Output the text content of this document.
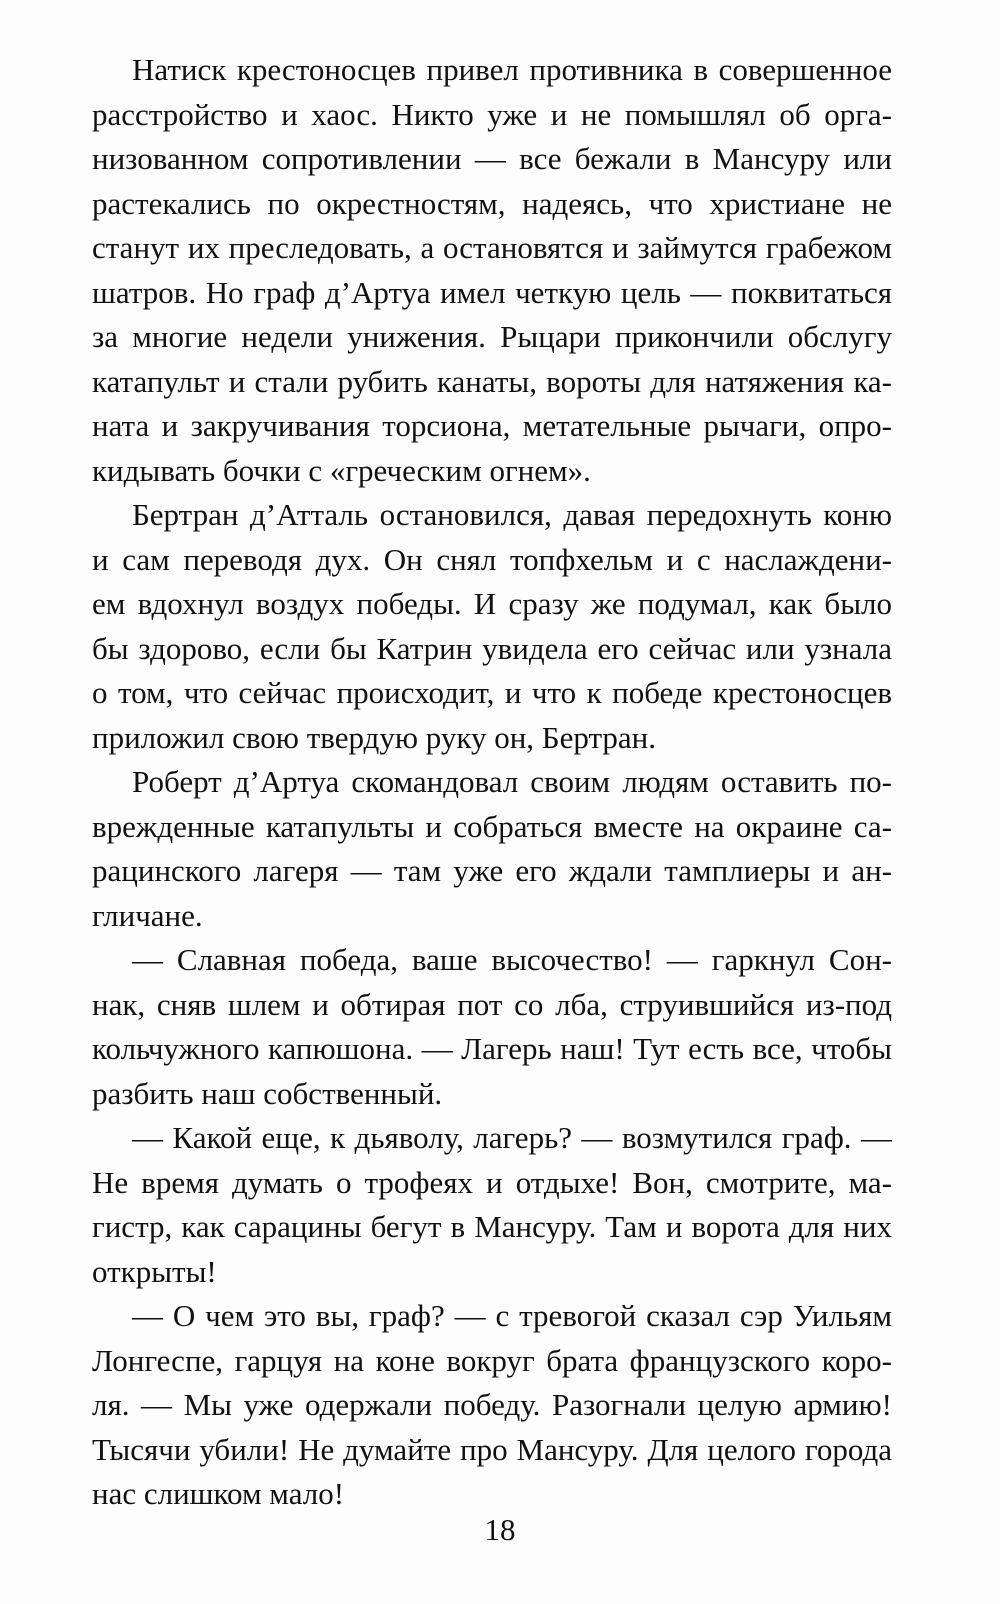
Натиск крестоносцев привел противника в совершенное
расстройство и хаос. Никто уже и не помышлял об орга-
низованном сопротивлении — все бежали в Мансуру или
растекались по окрестностям, надеясь, что христиане не
станут их преследовать, а остановятся и займутся грабежом
шатров. Но граф д’Артуа имел четкую цель — поквитаться
за многие недели унижения. Рыцари прикончили обслугу
катапульт и стали рубить канаты, вороты для натяжения ка-
ната и закручивания торсиона, метательные рычаги, опро-
кидывать бочки с «греческим огнем».
Бертран д’Атталь остановился, давая передохнуть коню
и сам переводя дух. Он снял топфхельм и с наслаждени-
ем вдохнул воздух победы. И сразу же подумал, как было
бы здорово, если бы Катрин увидела его сейчас или узнала
о том, что сейчас происходит, и что к победе крестоносцев
приложил свою твердую руку он, Бертран.
Роберт д’Артуа скомандовал своим людям оставить по-
врежденные катапульты и собраться вместе на окраине са-
рацинского лагеря — там уже его ждали тамплиеры и ан-
гличане.
— Славная победа, ваше высочество! — гаркнул Сон-
нак, сняв шлем и обтирая пот со лба, струившийся из-под
кольчужного капюшона. — Лагерь наш! Тут есть все, чтобы
разбить наш собственный.
— Какой еще, к дьяволу, лагерь? — возмутился граф. —
Не время думать о трофеях и отдыхе! Вон, смотрите, ма-
гистр, как сарацины бегут в Мансуру. Там и ворота для них
открыты!
— О чем это вы, граф? — с тревогой сказал сэр Уильям
Лонгеспе, гарцуя на коне вокруг брата французского коро-
ля. — Мы уже одержали победу. Разогнали целую армию!
Тысячи убили! Не думайте про Мансуру. Для целого города
нас слишком мало!
18
